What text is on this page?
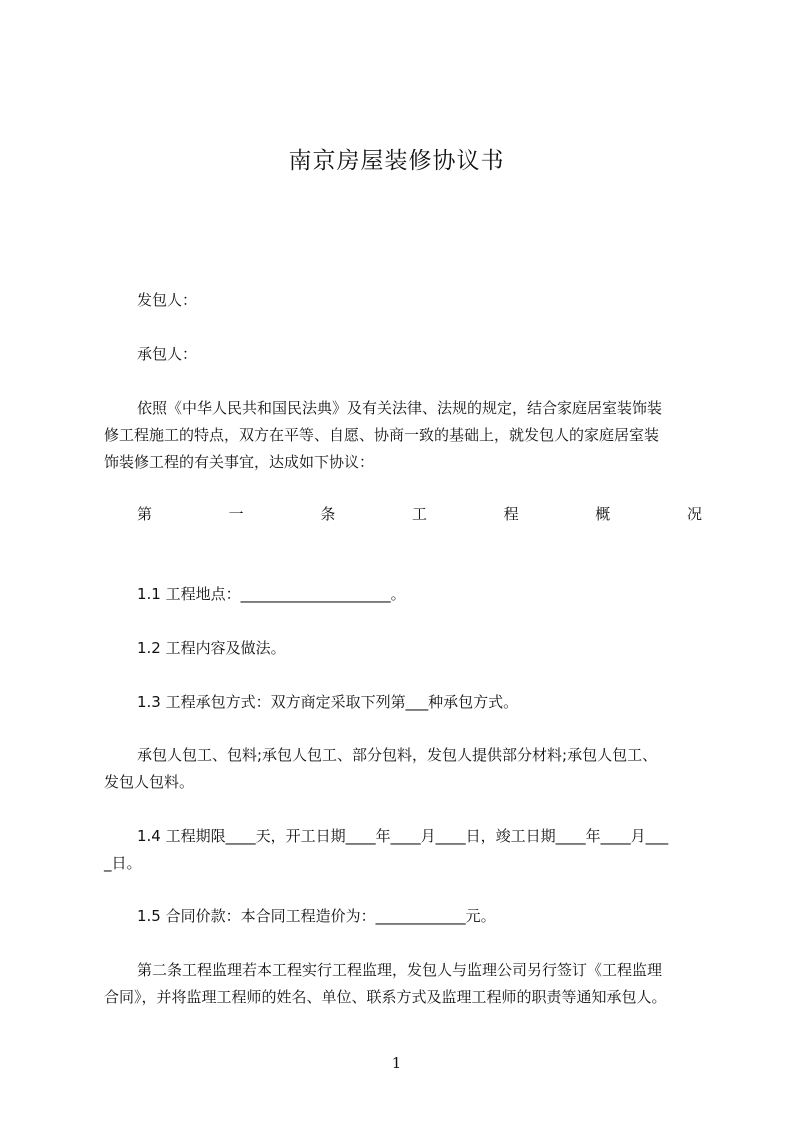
南京房屋装修协议书

发包人：

承包人：

依照《中华人民共和国民法典》及有关法律、法规的规定，结合家庭居室装饰装

修工程施工的特点，双方在平等、自愿、协商一致的基础上，就发包人的家庭居室装

饰装修工程的有关事宜，达成如下协议：

第	一	条	工	程	概	况

1.1 工程地点：____________________。

1.2 工程内容及做法。

1.3 工程承包方式：双方商定采取下列第___种承包方式。

承包人包工、包料;承包人包工、部分包料，发包人提供部分材料;承包人包工、

发包人包料。

1.4 工程期限____天，开工日期____年____月____日，竣工日期____年____月___

_日。

1.5 合同价款：本合同工程造价为：____________元。

第二条工程监理若本工程实行工程监理，发包人与监理公司另行签订《工程监理

合同》，并将监理工程师的姓名、单位、联系方式及监理工程师的职责等通知承包人。

1
